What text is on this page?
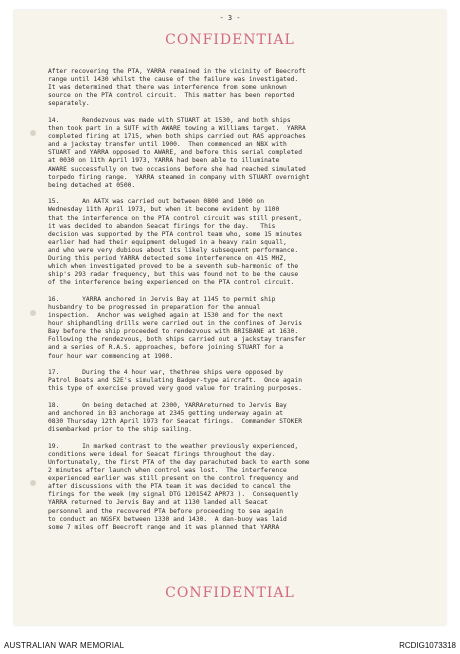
- 3 -
CONFIDENTIAL
After recovering the PTA, YARRA remained in the vicinity of Beecroft
range until 1430 whilst the cause of the failure was investigated.
It was determined that there was interference from some unknown
source on the PTA control circuit.  This matter has been reported
separately.
14.      Rendezvous was made with STUART at 1530, and both ships
then took part in a SUTF with AWARE towing a Williams target.  YARRA
completed firing at 1715, when both ships carried out RAS approaches
and a jackstay transfer until 1900.  Then commenced an NBX with
STUART and YARRA opposed to AWARE, and before this serial completed
at 0030 on 11th April 1973, YARRA had been able to illuminate
AWARE successfully on two occasions before she had reached simulated
torpedo firing range.  YARRA steamed in company with STUART overnight
being detached at 0500.
15.      An AATX was carried out between 0800 and 1000 on
Wednesday 11th April 1973, but when it become evident by 1100
that the interference on the PTA control circuit was still present,
it was decided to abandon Seacat firings for the day.   This
decision was supported by the PTA control team who, some 15 minutes
earlier had had their equipment deluged in a heavy rain squall,
and who were very dubious about its likely subsequent performance.
During this period YARRA detected some interference on 415 MHZ,
which when investigated proved to be a seventh sub-harmonic of the
ship's 293 radar frequency, but this was found not to be the cause
of the interference being experienced on the PTA control circuit.
16.      YARRA anchored in Jervis Bay at 1145 to permit ship
husbandry to be progressed in preparation for the annual
inspection.  Anchor was weighed again at 1530 and for the next
hour shiphandling drills were carried out in the confines of Jervis
Bay before the ship proceeded to rendezvous with BRISBANE at 1630.
Following the rendezvous, both ships carried out a jackstay transfer
and a series of R.A.S. approaches, before joining STUART for a
four hour war commencing at 1900.
17.      During the 4 hour war, thethree ships were opposed by
Patrol Boats and S2E's simulating Badger-type aircraft.  Once again
this type of exercise proved very good value for training purposes.
18.      On being detached at 2300, YARRAreturned to Jervis Bay
and anchored in B3 anchorage at 2345 getting underway again at
0830 Thursday 12th April 1973 for Seacat firings.  Commander STOKER
disembarked prior to the ship sailing.
19.      In marked contrast to the weather previously experienced,
conditions were ideal for Seacat firings throughout the day.
Unfortunately, the first PTA of the day parachuted back to earth some
2 minutes after launch when control was lost.  The interference
experienced earlier was still present on the control frequency and
after discussions with the PTA team it was decided to cancel the
firings for the week (my signal DTG 120154Z APR73 ).  Consequently
YARRA returned to Jervis Bay and at 1130 landed all Seacat
personnel and the recovered PTA before proceeding to sea again
to conduct an NGSFX between 1330 and 1430.  A dan-buoy was laid
some 7 miles off Beecroft range and it was planned that YARRA
CONFIDENTIAL
AUSTRALIAN WAR MEMORIAL	RCDIG1073318
